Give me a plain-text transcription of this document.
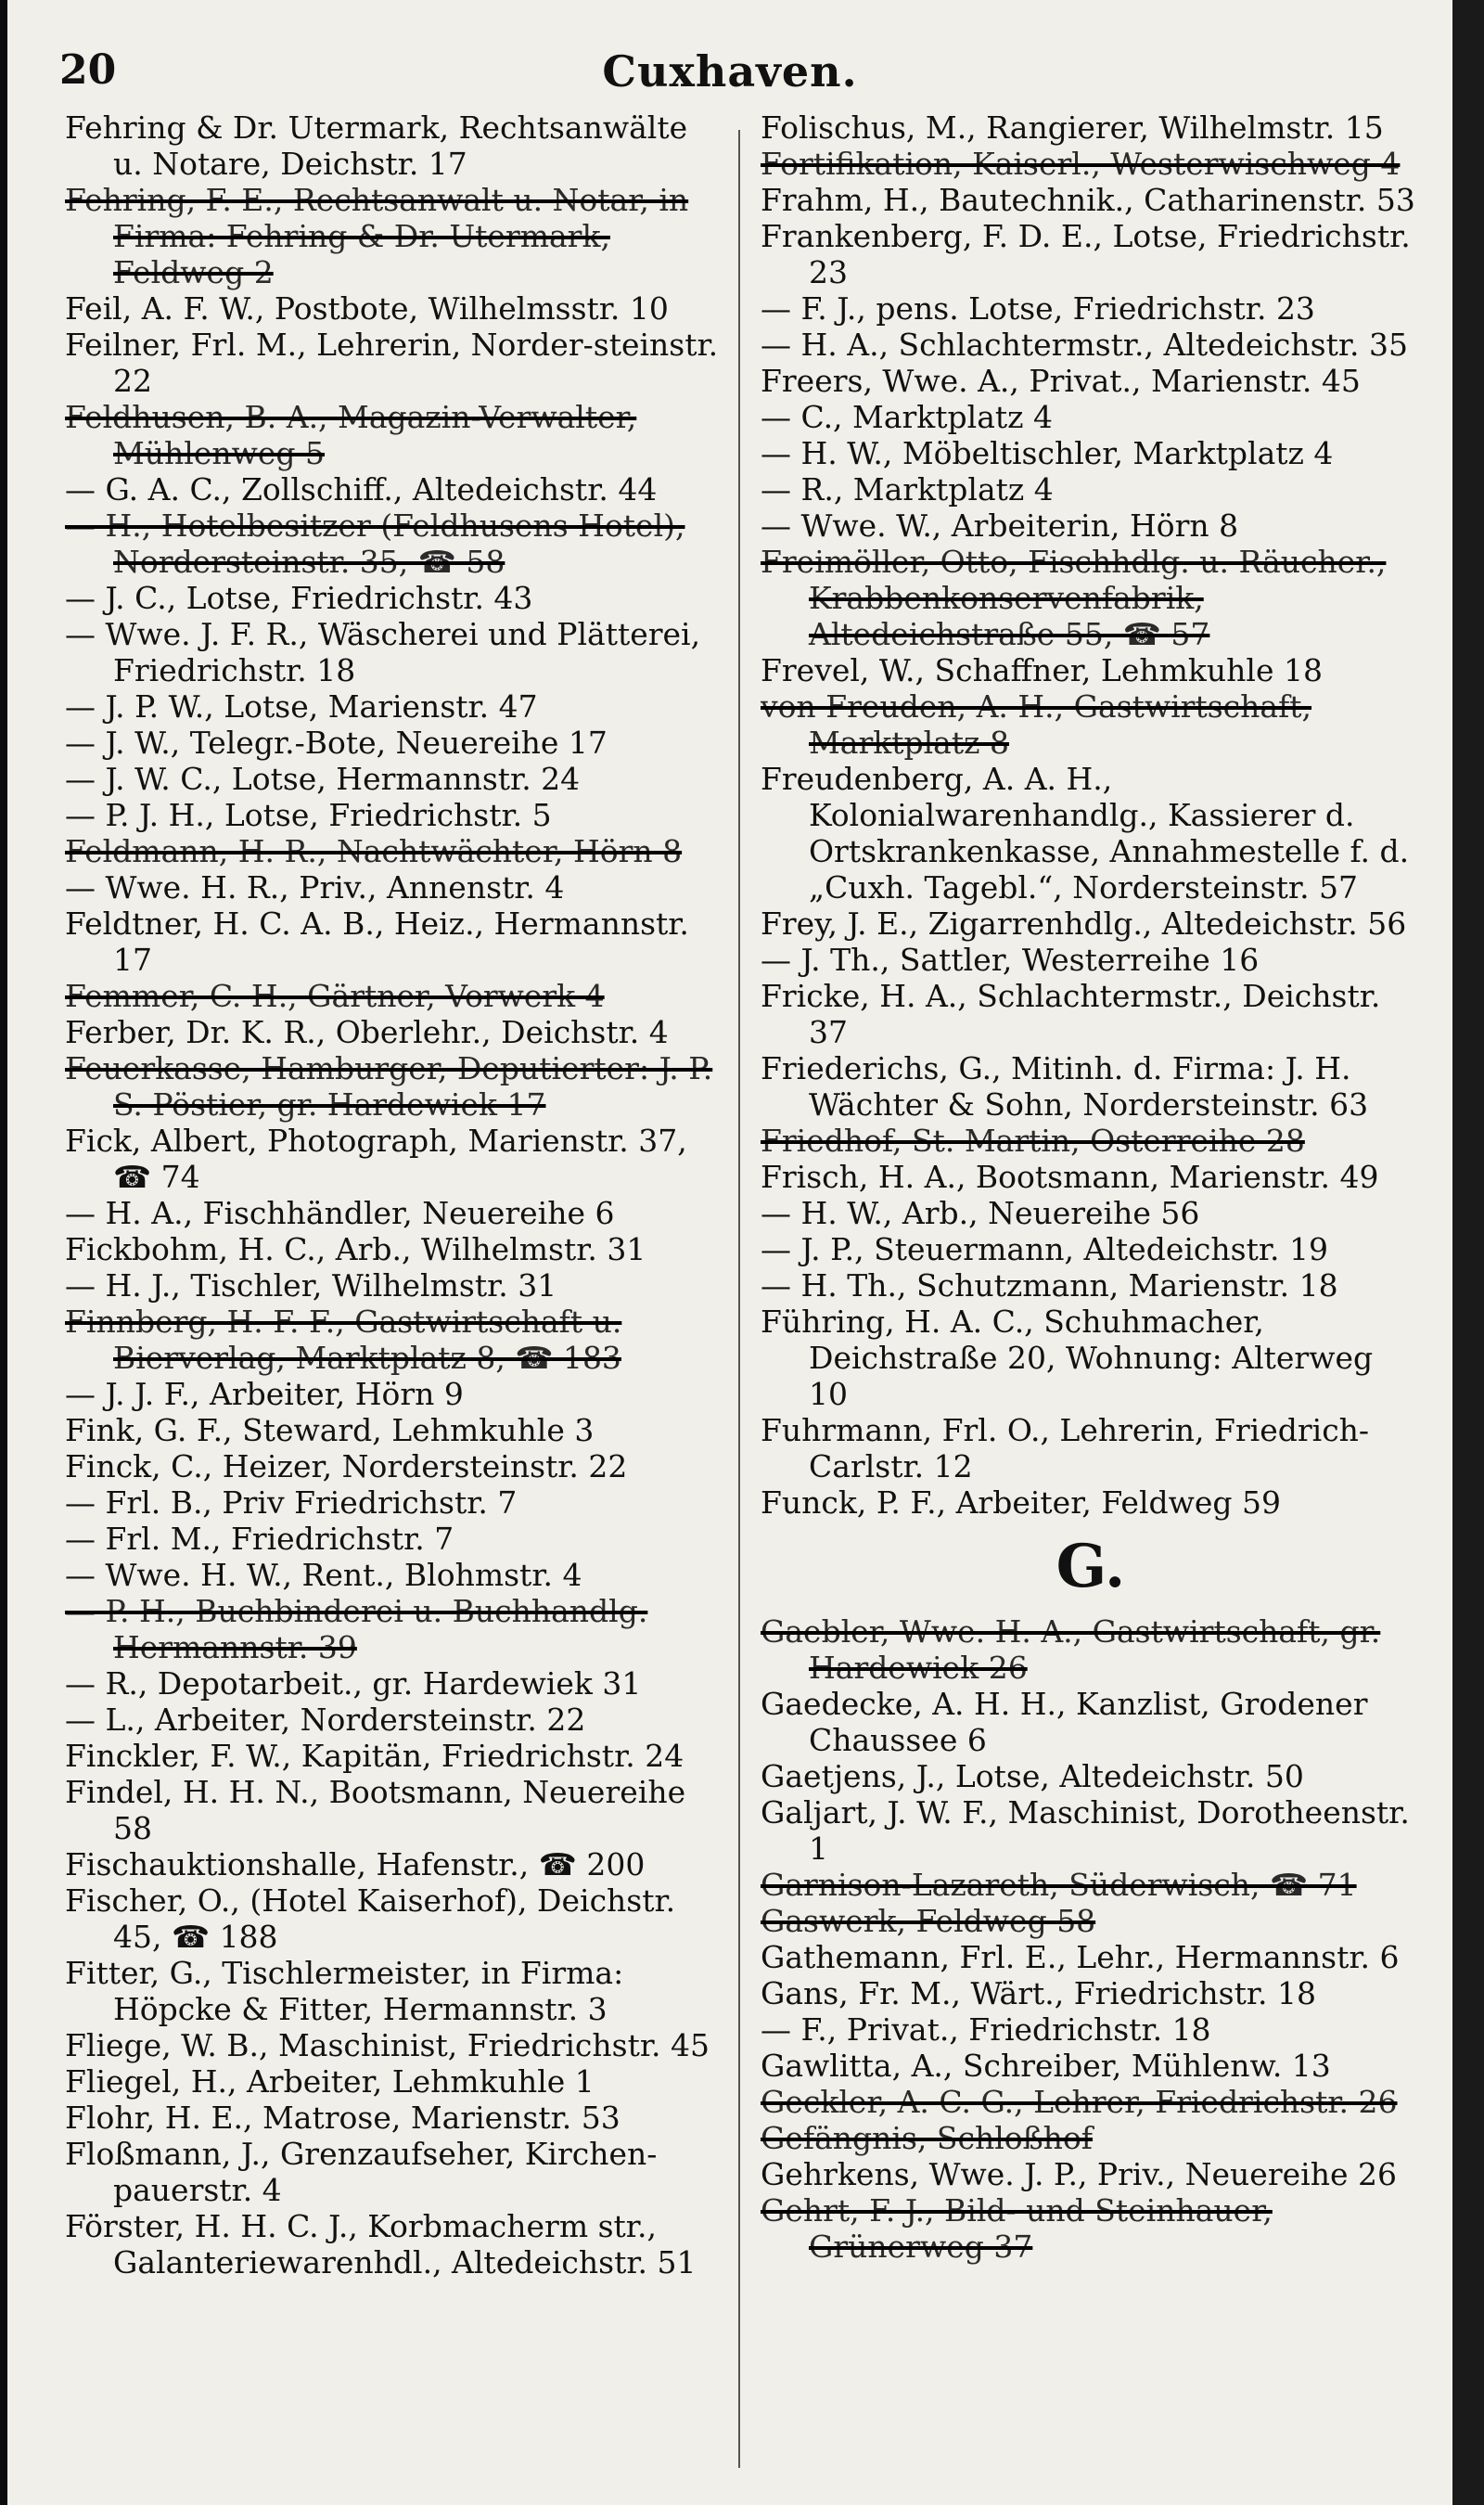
20	Cuxhaven.
Fehring & Dr. Utermark, Rechtsanwälte u. Notare, Deichstr. 17
Fehring, F. E., Rechtsanwalt u. Notar, in Firma: Fehring & Dr. Utermark, Feldweg 2
Feil, A. F. W., Postbote, Wilhelmsstr. 10
Feilner, Frl. M., Lehrerin, Norder-steinstr. 22
Feldhusen, B. A., Magazin-Verwalter, Mühlenweg 5
— G. A. C., Zollschiff., Altedeichstr. 44
— H., Hotelbesitzer (Feldhusens Hotel), Nordersteinstr. 35, ☎ 58
— J. C., Lotse, Friedrichstr. 43
— Wwe. J. F. R., Wäscherei und Plätterei, Friedrichstr. 18
— J. P. W., Lotse, Marienstr. 47
— J. W., Telegr.-Bote, Neuereihe 17
— J. W. C., Lotse, Hermannstr. 24
— P. J. H., Lotse, Friedrichstr. 5
Feldmann, H. R., Nachtwächter, Hörn 8
— Wwe. H. R., Priv., Annenstr. 4
Feldtner, H. C. A. B., Heiz., Hermannstr. 17
Femmer, C. H., Gärtner, Vorwerk 4
Ferber, Dr. K. R., Oberlehr., Deichstr. 4
Feuerkasse, Hamburger, Deputierter: J. P. S. Pöstier, gr. Hardewiek 17
Fick, Albert, Photograph, Marienstr. 37, ☎ 74
— H. A., Fischhändler, Neuereihe 6
Fickbohm, H. C., Arb., Wilhelmstr. 31
— H. J., Tischler, Wilhelmstr. 31
Finnberg, H. F. F., Gastwirtschaft u. Bierverlag, Marktplatz 8, ☎ 183
— J. J. F., Arbeiter, Hörn 9
Fink, G. F., Steward, Lehmkuhle 3
Finck, C., Heizer, Nordersteinstr. 22
— Frl. B., Priv Friedrichstr. 7
— Frl. M., Friedrichstr. 7
— Wwe. H. W., Rent., Blohmstr. 4
— P. H., Buchbinderei u. Buchhandlg. Hermannstr. 39
— R., Depotarbeit., gr. Hardewiek 31
— L., Arbeiter, Nordersteinstr. 22
Finckler, F. W., Kapitän, Friedrichstr. 24
Findel, H. H. N., Bootsmann, Neuereihe 58
Fischauktionshalle, Hafenstr., ☎ 200
Fischer, O., (Hotel Kaiserhof), Deichstr. 45, ☎ 188
Fitter, G., Tischlermeister, in Firma: Höpcke & Fitter, Hermannstr. 3
Fliege, W. B., Maschinist, Friedrichstr. 45
Fliegel, H., Arbeiter, Lehmkuhle 1
Flohr, H. E., Matrose, Marienstr. 53
Floßmann, J., Grenzaufseher, Kirchen-pauerstr. 4
Förster, H. H. C. J., Korbmacherm str., Galanteriewarenhdl., Altedeichstr. 51
Folischus, M., Rangierer, Wilhelmstr. 15
Fortifikation, Kaiserl., Westerwischweg 4
Frahm, H., Bautechnik., Catharinenstr. 53
Frankenberg, F. D. E., Lotse, Friedrichstr. 23
— F. J., pens. Lotse, Friedrichstr. 23
— H. A., Schlachtermstr., Altedeichstr. 35
Freers, Wwe. A., Privat., Marienstr. 45
— C., Marktplatz 4
— H. W., Möbeltischler, Marktplatz 4
— R., Marktplatz 4
— Wwe. W., Arbeiterin, Hörn 8
Freimöller, Otto, Fischhdlg. u. Räucher., Krabbenkonservenfabrik, Altedeichstraße 55, ☎ 57
Frevel, W., Schaffner, Lehmkuhle 18
von Freuden, A. H., Gastwirtschaft, Marktplatz 8
Freudenberg, A. A. H., Kolonialwarenhandlg., Kassierer d. Ortskrankenkasse, Annahmestelle f. d. „Cuxh. Tagebl.“, Nordersteinstr. 57
Frey, J. E., Zigarrenhdlg., Altedeichstr. 56
— J. Th., Sattler, Westerreihe 16
Fricke, H. A., Schlachtermstr., Deichstr. 37
Friederichs, G., Mitinh. d. Firma: J. H. Wächter & Sohn, Nordersteinstr. 63
Friedhof, St. Martin, Osterreihe 28
Frisch, H. A., Bootsmann, Marienstr. 49
— H. W., Arb., Neuereihe 56
— J. P., Steuermann, Altedeichstr. 19
— H. Th., Schutzmann, Marienstr. 18
Führing, H. A. C., Schuhmacher, Deichstraße 20, Wohnung: Alterweg 10
Fuhrmann, Frl. O., Lehrerin, Friedrich-Carlstr. 12
Funck, P. F., Arbeiter, Feldweg 59
G.
Gaebler, Wwe. H. A., Gastwirtschaft, gr. Hardewiek 26
Gaedecke, A. H. H., Kanzlist, Grodener Chaussee 6
Gaetjens, J., Lotse, Altedeichstr. 50
Galjart, J. W. F., Maschinist, Dorotheenstr. 1
Garnison-Lazareth, Süderwisch, ☎ 71
Gaswerk, Feldweg 58
Gathemann, Frl. E., Lehr., Hermannstr. 6
Gans, Fr. M., Wärt., Friedrichstr. 18
— F., Privat., Friedrichstr. 18
Gawlitta, A., Schreiber, Mühlenw. 13
Geckler, A. C. G., Lehrer, Friedrichstr. 26
Gefängnis, Schloßhof
Gehrkens, Wwe. J. P., Priv., Neuereihe 26
Gehrt, F. J., Bild- und Steinhauer, Grünerweg 37
